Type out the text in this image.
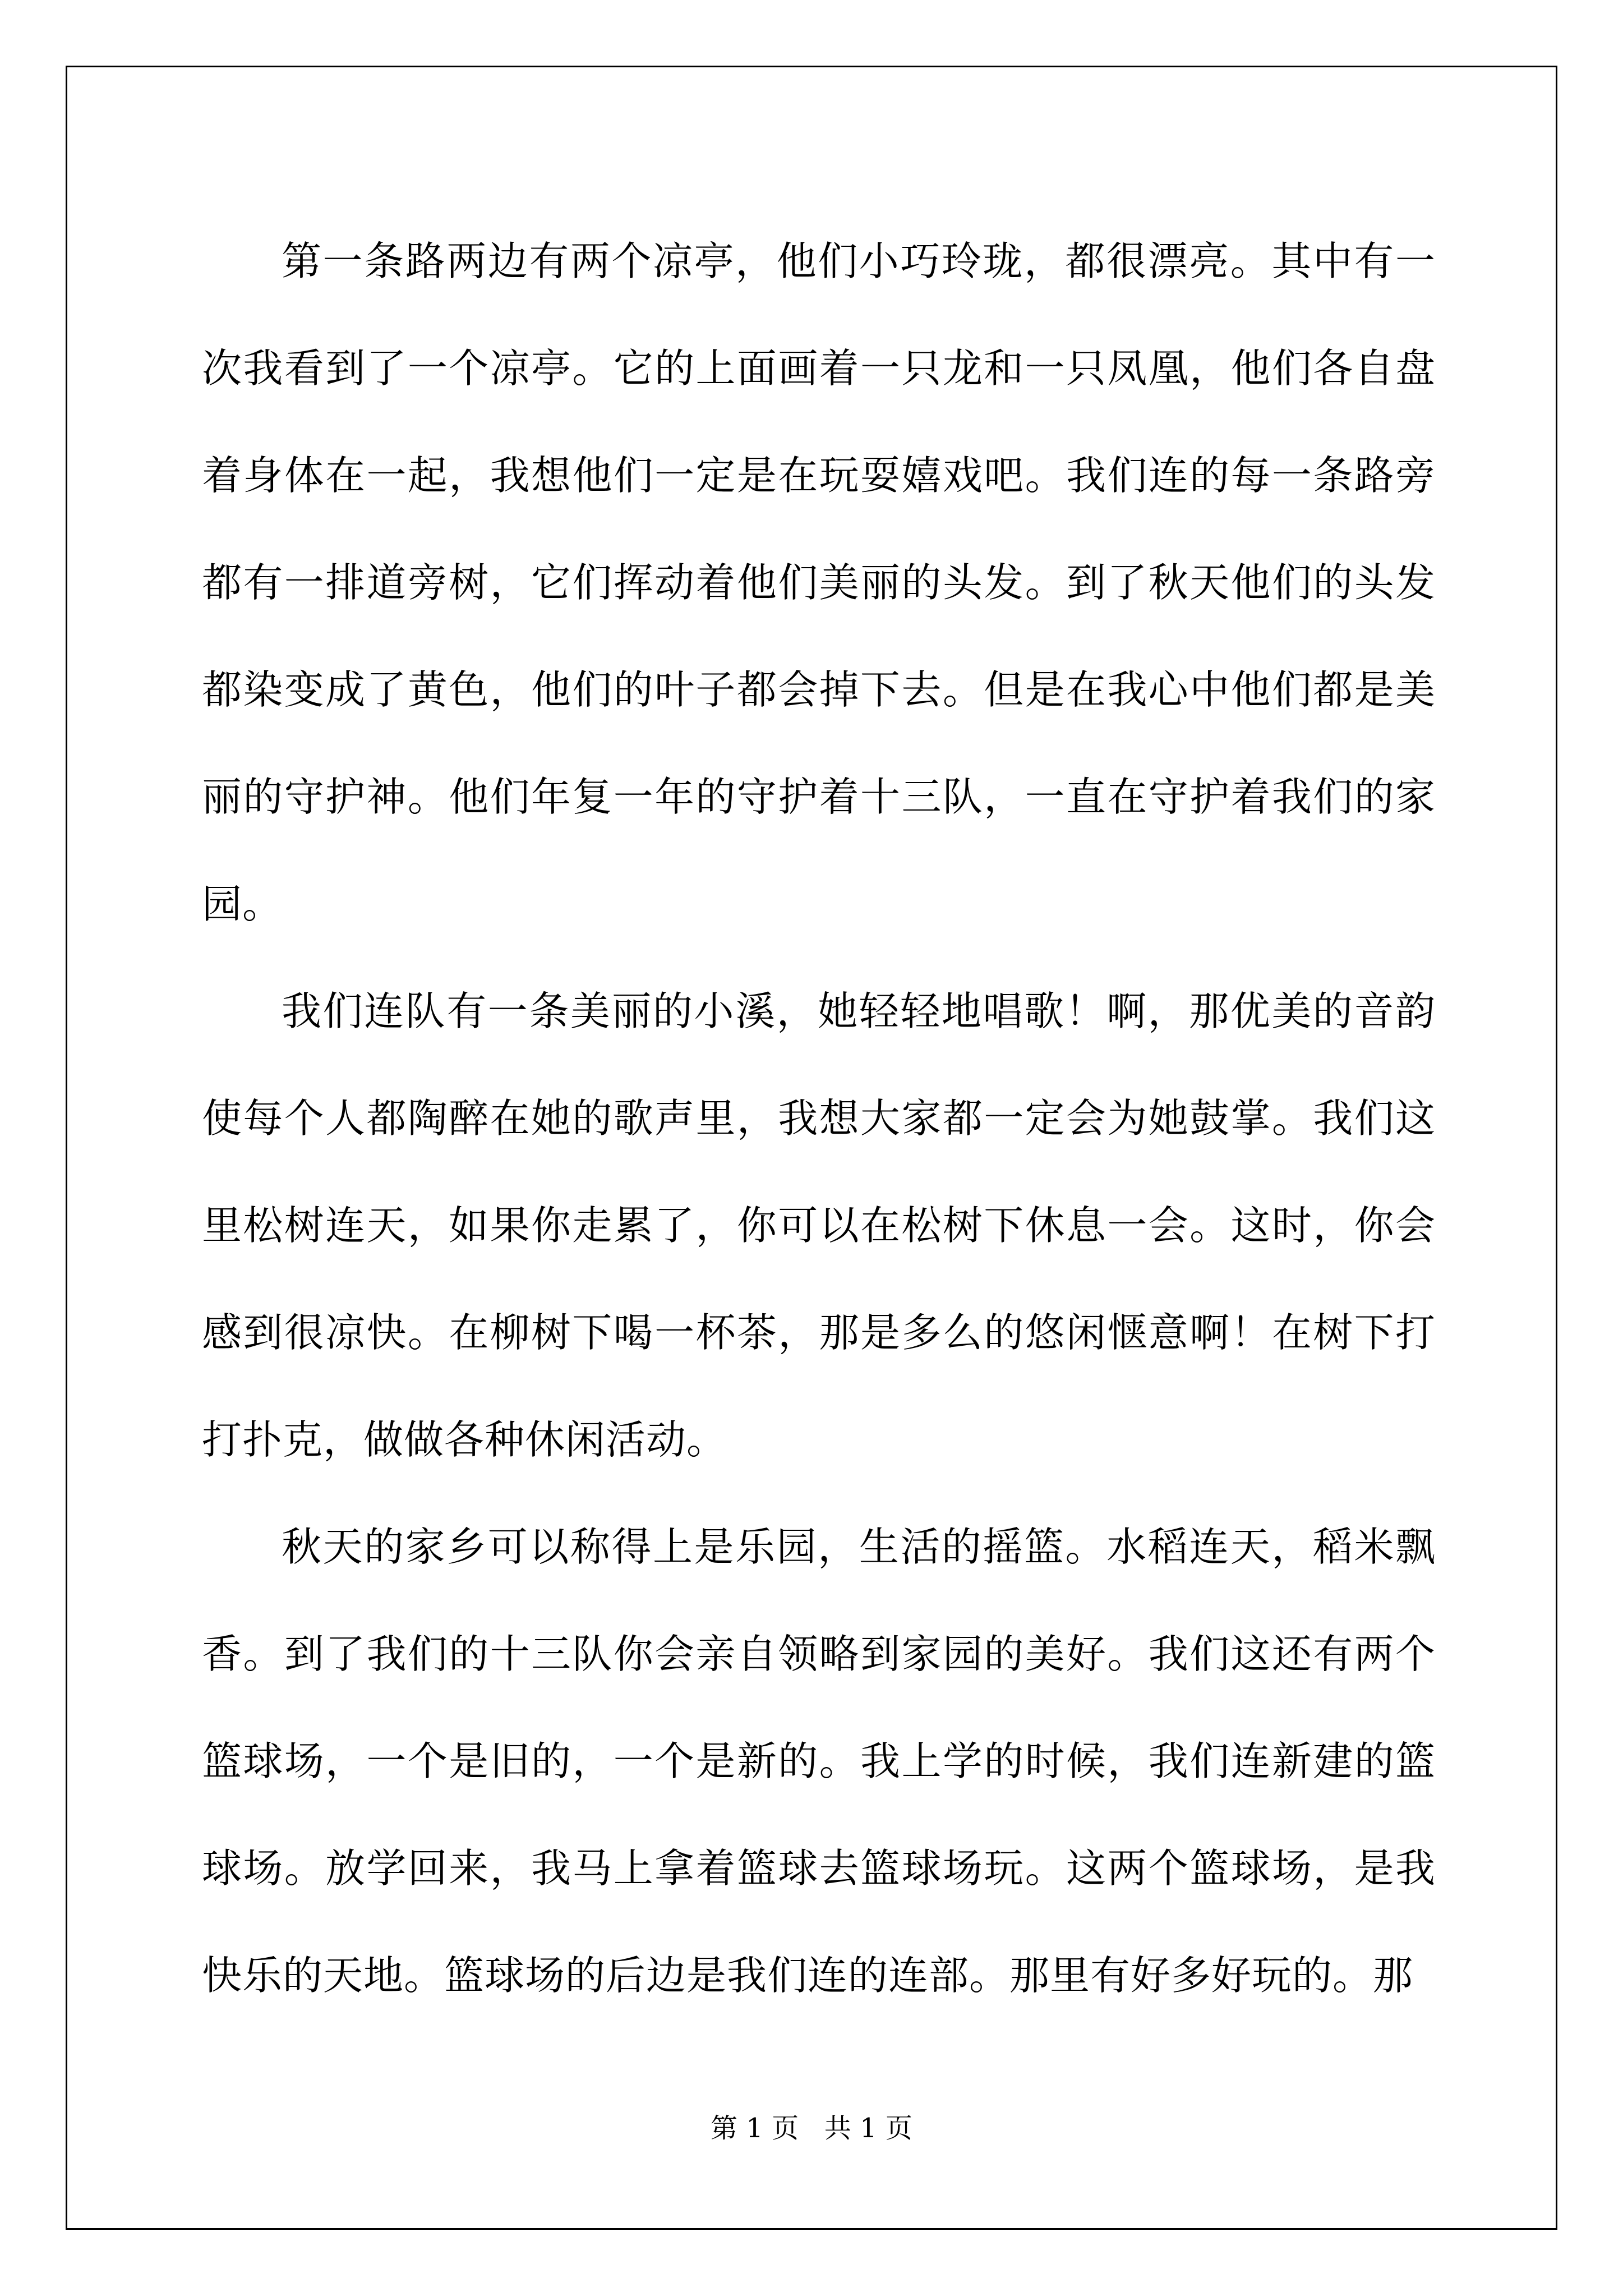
第一条路两边有两个凉亭，他们小巧玲珑，都很漂亮。其中有一次我看到了一个凉亭。它的上面画着一只龙和一只凤凰，他们各自盘着身体在一起，我想他们一定是在玩耍嬉戏吧。我们连的每一条路旁都有一排道旁树，它们挥动着他们美丽的头发。到了秋天他们的头发都染变成了黄色，他们的叶子都会掉下去。但是在我心中他们都是美丽的守护神。他们年复一年的守护着十三队，一直在守护着我们的家园。

我们连队有一条美丽的小溪，她轻轻地唱歌！啊，那优美的音韵使每个人都陶醉在她的歌声里，我想大家都一定会为她鼓掌。我们这里松树连天，如果你走累了，你可以在松树下休息一会。这时，你会感到很凉快。在柳树下喝一杯茶，那是多么的悠闲惬意啊！在树下打打扑克，做做各种休闲活动。

秋天的家乡可以称得上是乐园，生活的摇篮。水稻连天，稻米飘香。到了我们的十三队你会亲自领略到家园的美好。我们这还有两个篮球场，一个是旧的，一个是新的。我上学的时候，我们连新建的篮球场。放学回来，我马上拿着篮球去篮球场玩。这两个篮球场，是我快乐的天地。篮球场的后边是我们连的连部。那里有好多好玩的。那

第 1 页   共 1 页
